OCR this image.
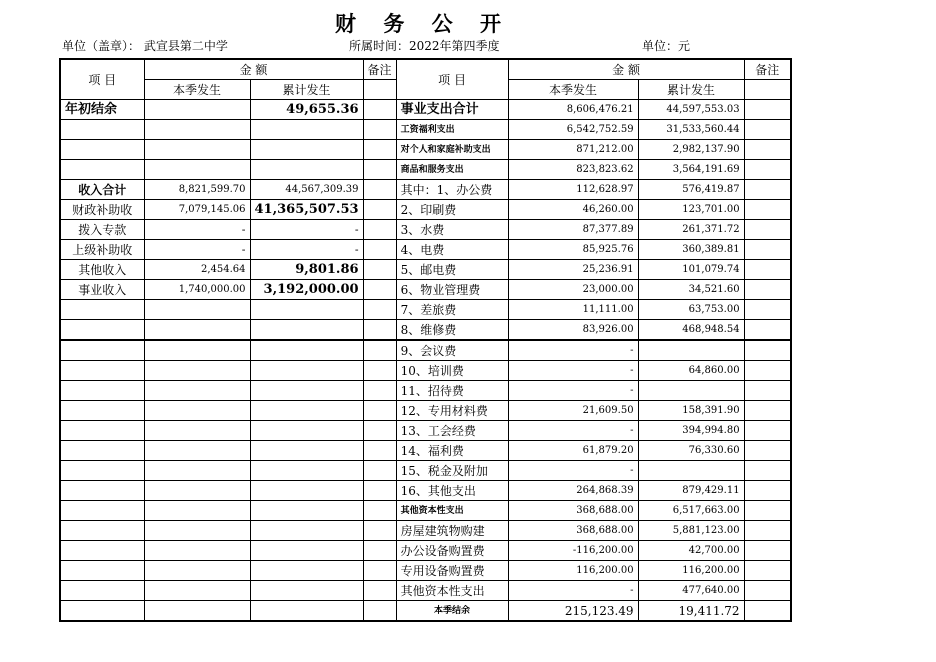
财 务 公 开
单位（盖章）： 武宣县第二中学	所属时间：2022年第四季度	单位：元
项 目	金 额		备注	项 目	金 额		备注
	本季发生	累计发生			本季发生	累计发生	
年初结余		49,655.36		事业支出合计	8,606,476.21	44,597,553.03	
				工资福利支出	6,542,752.59	31,533,560.44	
				对个人和家庭补助支出	871,212.00	2,982,137.90	
				商品和服务支出	823,823.62	3,564,191.69	
收入合计	8,821,599.70	44,567,309.39		其中：1、办公费	112,628.97	576,419.87	
财政补助收	7,079,145.06	41,365,507.53		2、印刷费	46,260.00	123,701.00	
拨入专款	-	-		3、水费	87,377.89	261,371.72	
上级补助收	-	-		4、电费	85,925.76	360,389.81	
其他收入	2,454.64	9,801.86		5、邮电费	25,236.91	101,079.74	
事业收入	1,740,000.00	3,192,000.00		6、物业管理费	23,000.00	34,521.60	
				7、差旅费	11,111.00	63,753.00	
				8、维修费	83,926.00	468,948.54	
				9、会议费	-		
				10、培训费	-	64,860.00	
				11、招待费	-		
				12、专用材料费	21,609.50	158,391.90	
				13、工会经费	-	394,994.80	
				14、福利费	61,879.20	76,330.60	
				15、税金及附加	-		
				16、其他支出	264,868.39	879,429.11	
				其他资本性支出	368,688.00	6,517,663.00	
				房屋建筑物购建	368,688.00	5,881,123.00	
				办公设备购置费	-116,200.00	42,700.00	
				专用设备购置费	116,200.00	116,200.00	
				其他资本性支出	-	477,640.00	
				本季结余	215,123.49	19,411.72	
